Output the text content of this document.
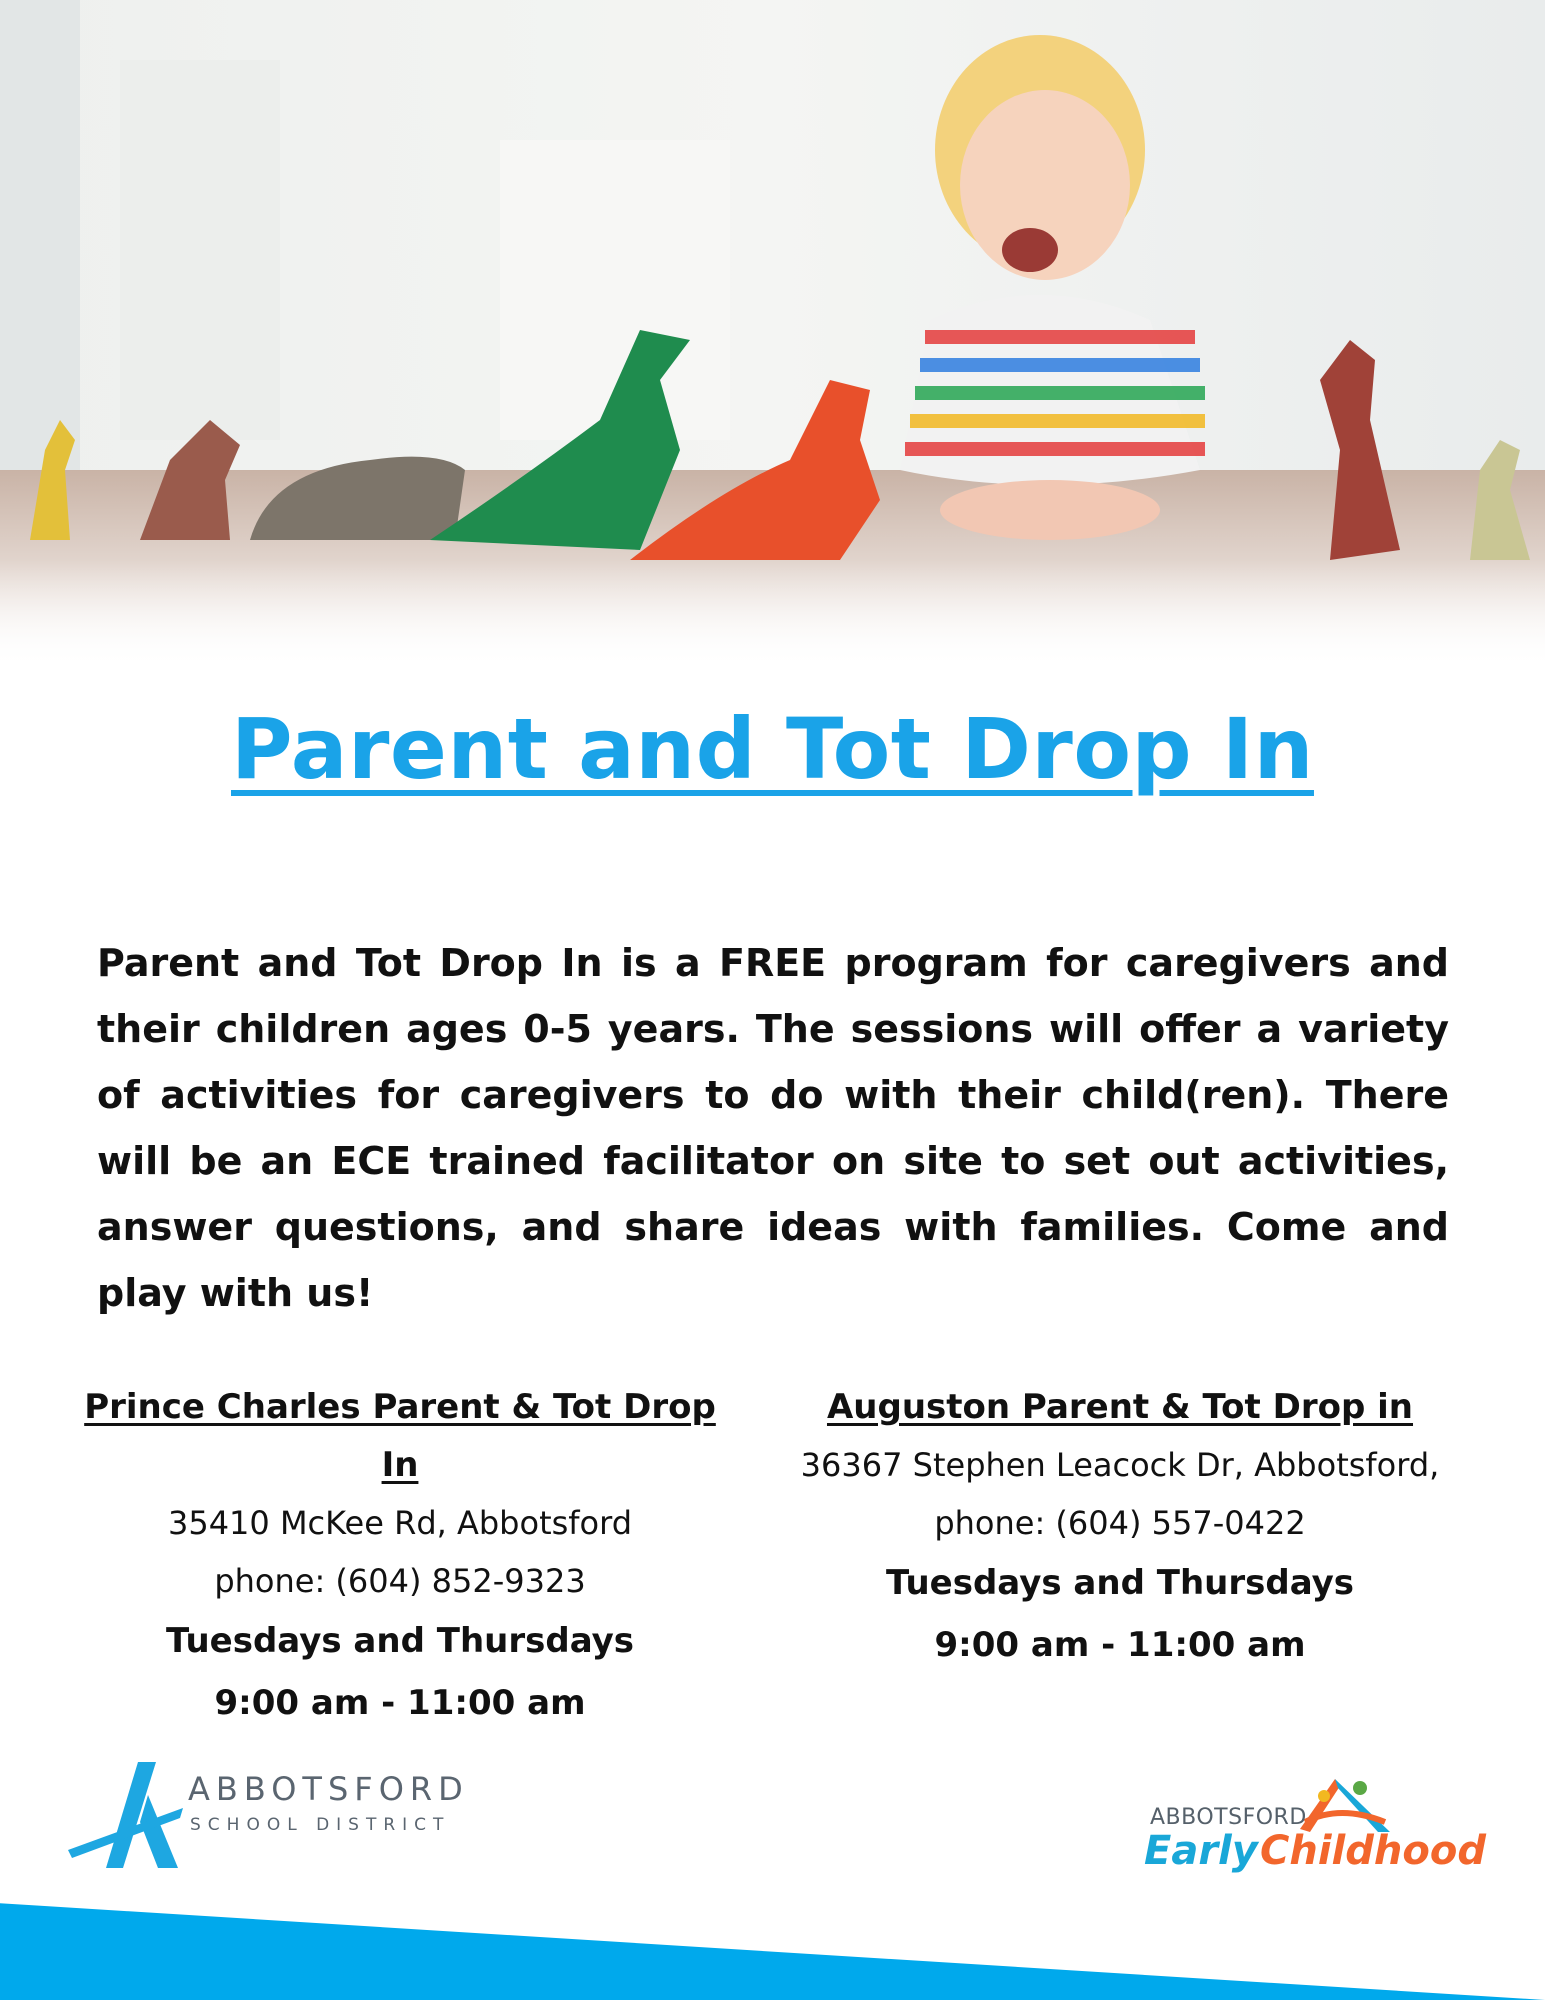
Parent and Tot Drop In
Parent and Tot Drop In is a FREE program for caregivers and their children ages 0-5 years. The sessions will offer a variety of activities for caregivers to do with their child(ren). There will be an ECE trained facilitator on site to set out activities, answer questions, and share ideas with families. Come and play with us!
Prince Charles Parent & Tot Drop In
35410 McKee Rd, Abbotsford
phone: (604) 852-9323
Tuesdays and Thursdays
9:00 am - 11:00 am
Auguston Parent & Tot Drop in
36367 Stephen Leacock Dr, Abbotsford,
phone: (604) 557-0422
Tuesdays and Thursdays
9:00 am - 11:00 am
ABBOTSFORD
SCHOOL DISTRICT	ABBOTSFORD
Early Childhood
